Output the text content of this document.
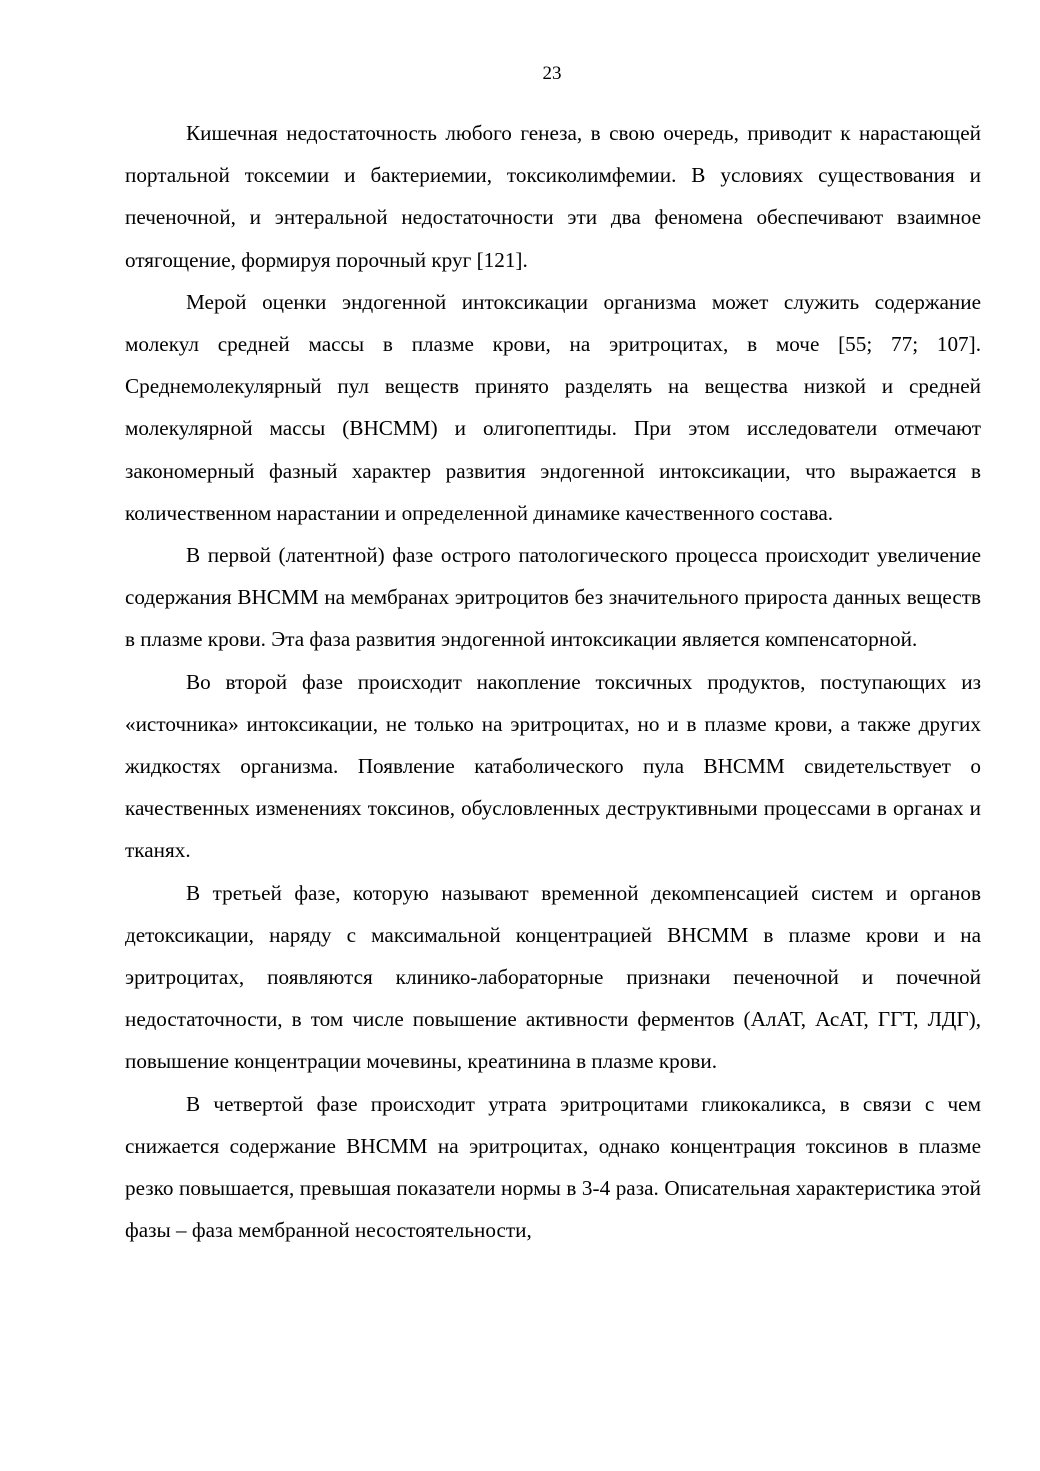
23

Кишечная недостаточность любого генеза, в свою очередь, приводит к нарастающей портальной токсемии и бактериемии, токсиколимфемии. В условиях существования и печеночной, и энтеральной недостаточности эти два феномена обеспечивают взаимное отягощение, формируя порочный круг [121].

Мерой оценки эндогенной интоксикации организма может служить содержание молекул средней массы в плазме крови, на эритроцитах, в моче [55; 77; 107]. Среднемолекулярный пул веществ принято разделять на вещества низкой и средней молекулярной массы (ВНСММ) и олигопептиды. При этом исследователи отмечают закономерный фазный характер развития эндогенной интоксикации, что выражается в количественном нарастании и определенной динамике качественного состава.

В первой (латентной) фазе острого патологического процесса происходит увеличение содержания ВНСММ на мембранах эритроцитов без значительного прироста данных веществ в плазме крови. Эта фаза развития эндогенной интоксикации является компенсаторной.

Во второй фазе происходит накопление токсичных продуктов, поступающих из «источника» интоксикации, не только на эритроцитах, но и в плазме крови, а также других жидкостях организма. Появление катаболического пула ВНСММ свидетельствует о качественных изменениях токсинов, обусловленных деструктивными процессами в органах и тканях.

В третьей фазе, которую называют временной декомпенсацией систем и органов детоксикации, наряду с максимальной концентрацией ВНСММ в плазме крови и на эритроцитах, появляются клинико-лабораторные признаки печеночной и почечной недостаточности, в том числе повышение активности ферментов (АлАТ, АсАТ, ГГТ, ЛДГ), повышение концентрации мочевины, креатинина в плазме крови.

В четвертой фазе происходит утрата эритроцитами гликокаликса, в связи с чем снижается содержание ВНСММ на эритроцитах, однако концентрация токсинов в плазме резко повышается, превышая показатели нормы в 3-4 раза. Описательная характеристика этой фазы – фаза мембранной несостоятельности,
